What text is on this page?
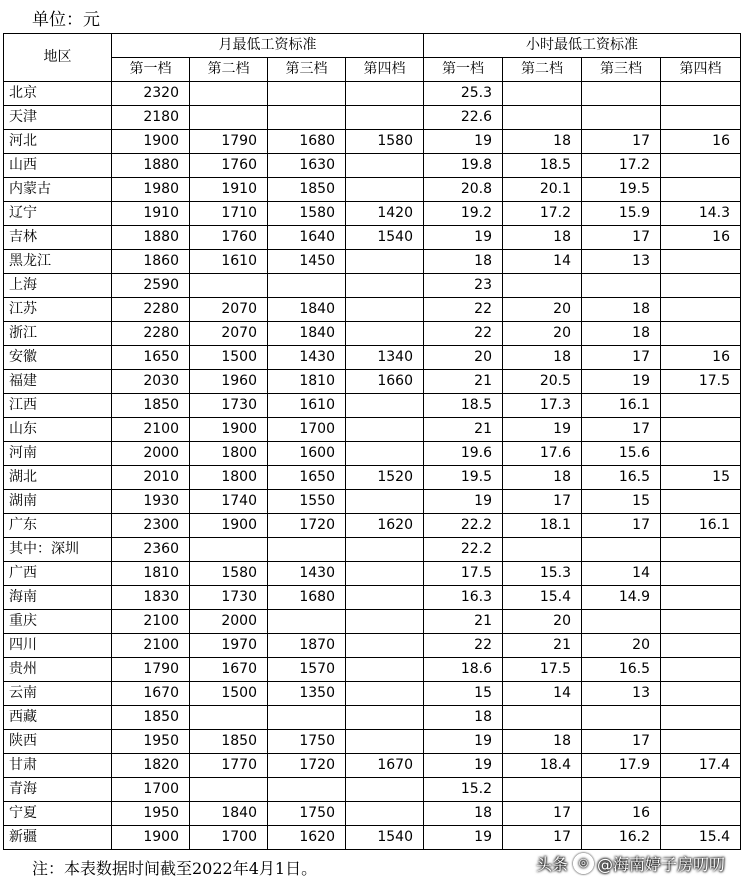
单位：元
地区	月最低工资标准				小时最低工资标准			
	第一档	第二档	第三档	第四档	第一档	第二档	第三档	第四档
北京	2320				25.3			
天津	2180				22.6			
河北	1900	1790	1680	1580	19	18	17	16
山西	1880	1760	1630		19.8	18.5	17.2	
内蒙古	1980	1910	1850		20.8	20.1	19.5	
辽宁	1910	1710	1580	1420	19.2	17.2	15.9	14.3
吉林	1880	1760	1640	1540	19	18	17	16
黑龙江	1860	1610	1450		18	14	13	
上海	2590				23			
江苏	2280	2070	1840		22	20	18	
浙江	2280	2070	1840		22	20	18	
安徽	1650	1500	1430	1340	20	18	17	16
福建	2030	1960	1810	1660	21	20.5	19	17.5
江西	1850	1730	1610		18.5	17.3	16.1	
山东	2100	1900	1700		21	19	17	
河南	2000	1800	1600		19.6	17.6	15.6	
湖北	2010	1800	1650	1520	19.5	18	16.5	15
湖南	1930	1740	1550		19	17	15	
广东	2300	1900	1720	1620	22.2	18.1	17	16.1
其中：深圳	2360				22.2			
广西	1810	1580	1430		17.5	15.3	14	
海南	1830	1730	1680		16.3	15.4	14.9	
重庆	2100	2000			21	20		
四川	2100	1970	1870		22	21	20	
贵州	1790	1670	1570		18.6	17.5	16.5	
云南	1670	1500	1350		15	14	13	
西藏	1850				18			
陕西	1950	1850	1750		19	18	17	
甘肃	1820	1770	1720	1670	19	18.4	17.9	17.4
青海	1700				15.2			
宁夏	1950	1840	1750		18	17	16	
新疆	1900	1700	1620	1540	19	17	16.2	15.4
注：本表数据时间截至2022年4月1日。	头条 ◎ @海南婷子房叨叨
